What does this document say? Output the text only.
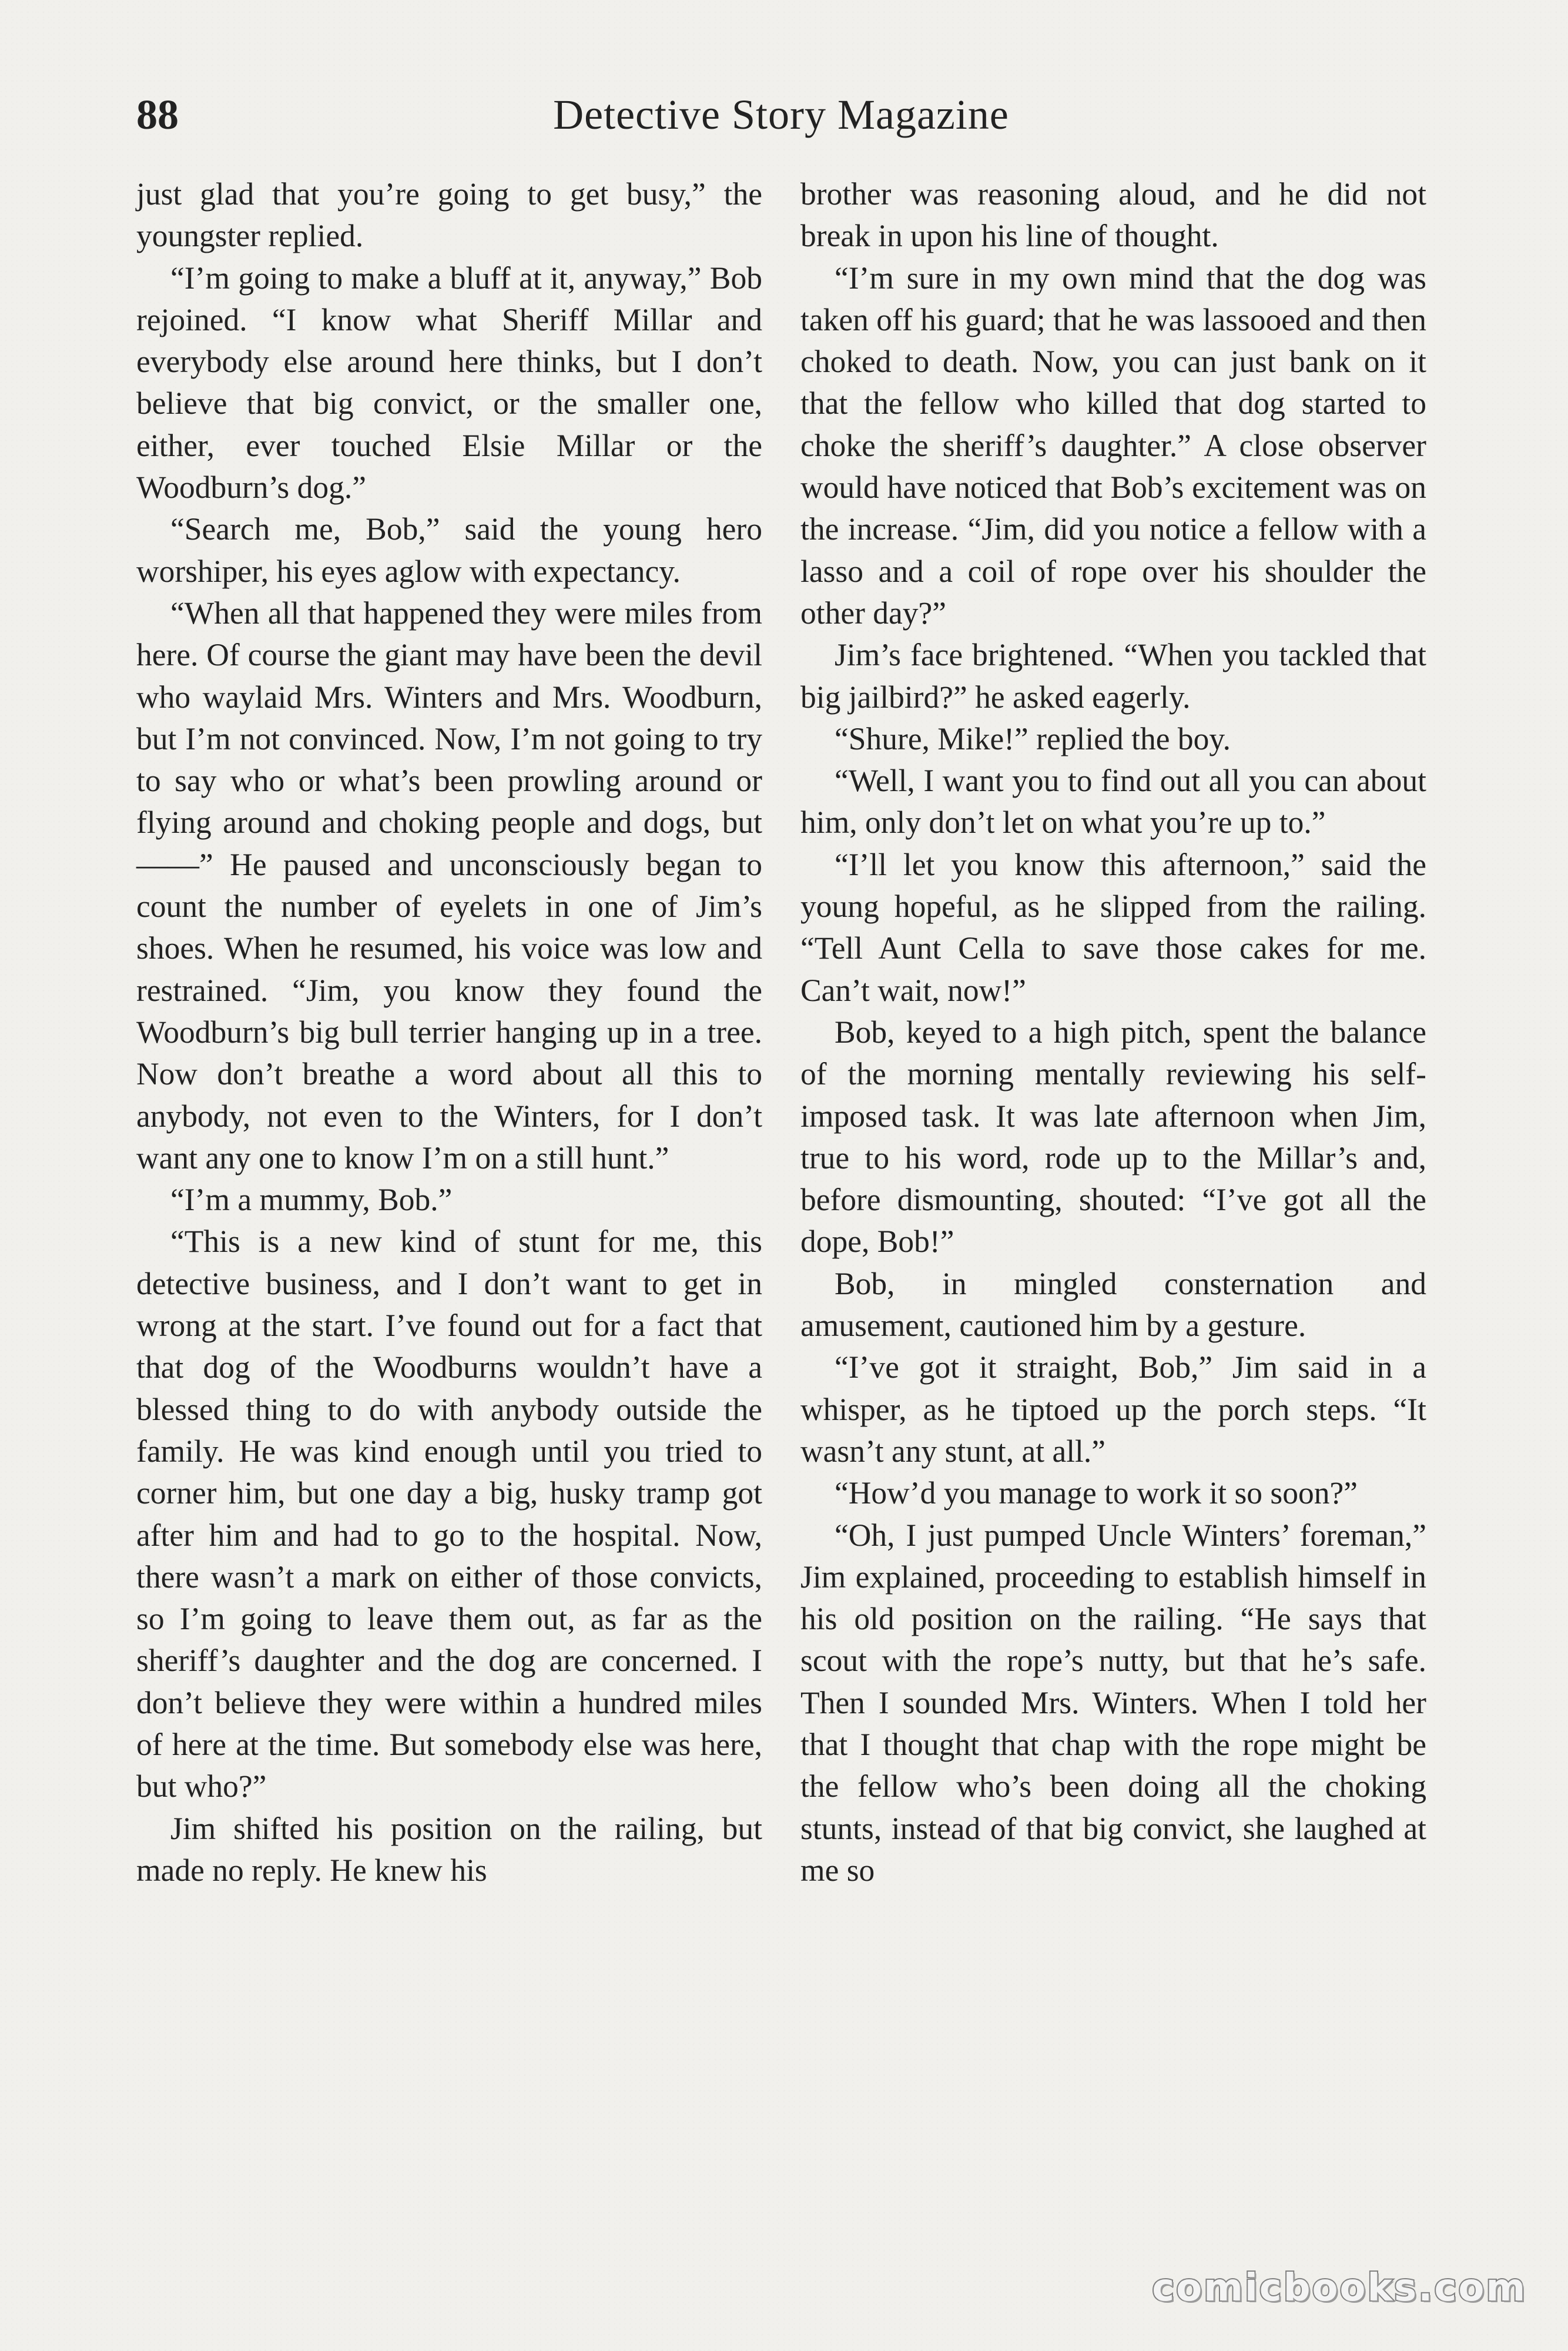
88	Detective Story Magazine

just glad that you’re going to get busy,” the youngster replied.

“I’m going to make a bluff at it, anyway,” Bob rejoined. “I know what Sheriff Millar and everybody else around here thinks, but I don’t believe that big convict, or the smaller one, either, ever touched Elsie Millar or the Woodburn’s dog.”

“Search me, Bob,” said the young hero worshiper, his eyes aglow with expectancy.

“When all that happened they were miles from here. Of course the giant may have been the devil who waylaid Mrs. Winters and Mrs. Woodburn, but I’m not convinced. Now, I’m not going to try to say who or what’s been prowling around or flying around and choking people and dogs, but——” He paused and unconsciously began to count the number of eyelets in one of Jim’s shoes. When he resumed, his voice was low and restrained. “Jim, you know they found the Woodburn’s big bull terrier hanging up in a tree. Now don’t breathe a word about all this to anybody, not even to the Winters, for I don’t want any one to know I’m on a still hunt.”

“I’m a mummy, Bob.”

“This is a new kind of stunt for me, this detective business, and I don’t want to get in wrong at the start. I’ve found out for a fact that that dog of the Woodburns wouldn’t have a blessed thing to do with anybody outside the family. He was kind enough until you tried to corner him, but one day a big, husky tramp got after him and had to go to the hospital. Now, there wasn’t a mark on either of those convicts, so I’m going to leave them out, as far as the sheriff’s daughter and the dog are concerned. I don’t believe they were within a hundred miles of here at the time. But somebody else was here, but who?”

Jim shifted his position on the railing, but made no reply. He knew his

brother was reasoning aloud, and he did not break in upon his line of thought.

“I’m sure in my own mind that the dog was taken off his guard; that he was lassooed and then choked to death. Now, you can just bank on it that the fellow who killed that dog started to choke the sheriff’s daughter.” A close observer would have noticed that Bob’s excitement was on the increase. “Jim, did you notice a fellow with a lasso and a coil of rope over his shoulder the other day?”

Jim’s face brightened. “When you tackled that big jailbird?” he asked eagerly.

“Shure, Mike!” replied the boy.

“Well, I want you to find out all you can about him, only don’t let on what you’re up to.”

“I’ll let you know this afternoon,” said the young hopeful, as he slipped from the railing. “Tell Aunt Cella to save those cakes for me. Can’t wait, now!”

Bob, keyed to a high pitch, spent the balance of the morning mentally reviewing his self-imposed task. It was late afternoon when Jim, true to his word, rode up to the Millar’s and, before dismounting, shouted: “I’ve got all the dope, Bob!”

Bob, in mingled consternation and amusement, cautioned him by a gesture.

“I’ve got it straight, Bob,” Jim said in a whisper, as he tiptoed up the porch steps. “It wasn’t any stunt, at all.”

“How’d you manage to work it so soon?”

“Oh, I just pumped Uncle Winters’ foreman,” Jim explained, proceeding to establish himself in his old position on the railing. “He says that scout with the rope’s nutty, but that he’s safe. Then I sounded Mrs. Winters. When I told her that I thought that chap with the rope might be the fellow who’s been doing all the choking stunts, instead of that big convict, she laughed at me so

comicbooks.com
